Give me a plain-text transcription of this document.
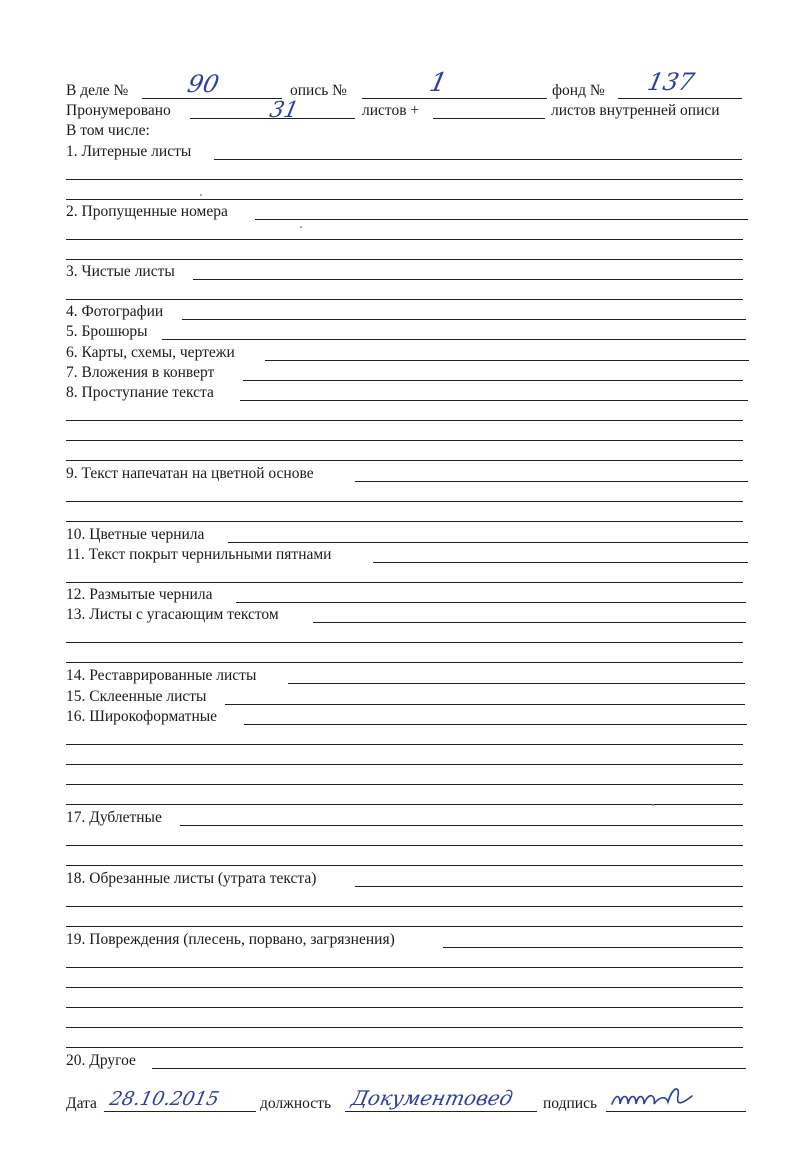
В деле № 90	опись №	1	фонд № 137
Пронумеровано	31	листов +	листов внутренней описи
В том числе:
1. Литерные листы
2. Пропущенные номера
3. Чистые листы
4. Фотографии
5. Брошюры
6. Карты, схемы, чертежи
7. Вложения в конверт
8. Проступание текста
9. Текст напечатан на цветной основе
10. Цветные чернила
11. Текст покрыт чернильными пятнами
12. Размытые чернила
13. Листы с угасающим текстом
14. Реставрированные листы
15. Склеенные листы
16. Широкоформатные
17. Дублетные
18. Обрезанные листы (утрата текста)
19. Повреждения (плесень, порвано, загрязнения)
20. Другое
Дата 28.10.2015	должность Документовед подпись
